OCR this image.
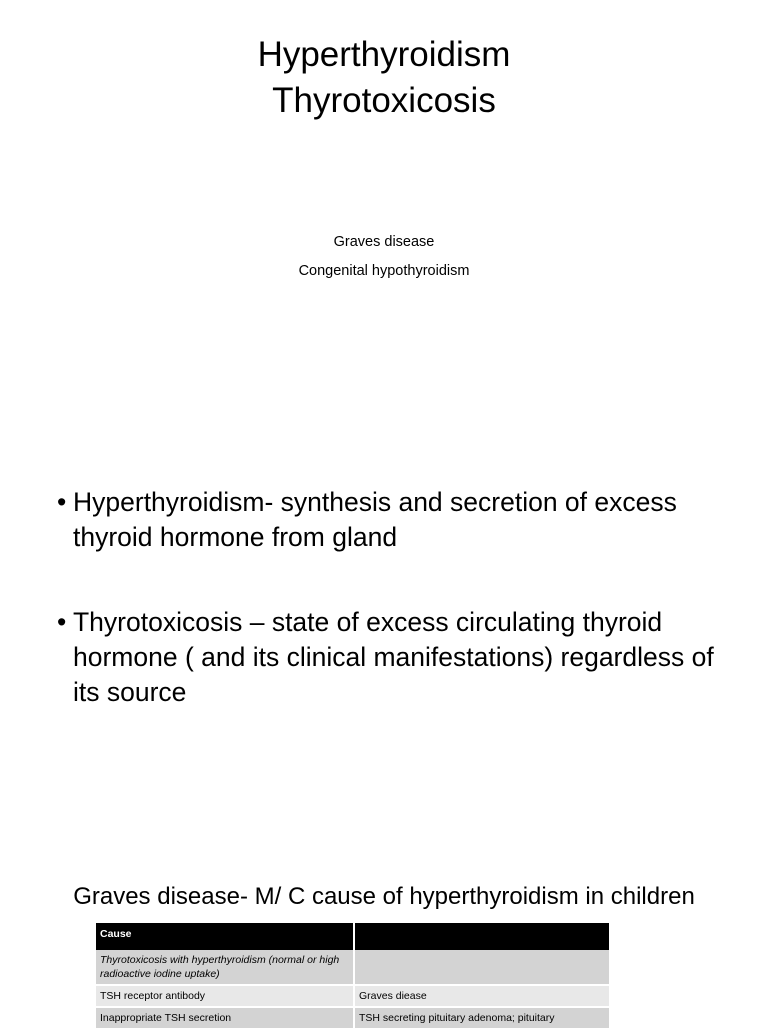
Hyperthyroidism
Thyrotoxicosis
Graves disease
Congenital hypothyroidism
• Hyperthyroidism- synthesis and secretion of excess thyroid hormone from gland
• Thyrotoxicosis – state of excess circulating thyroid hormone ( and its clinical manifestations) regardless of its source
Graves disease- M/ C cause of hyperthyroidism in children
Cause	
Thyrotoxicosis with hyperthyroidism (normal or high radioactive iodine uptake)	
TSH receptor antibody	Graves diease
Inappropriate TSH secretion	TSH secreting pituitary adenoma; pituitary
